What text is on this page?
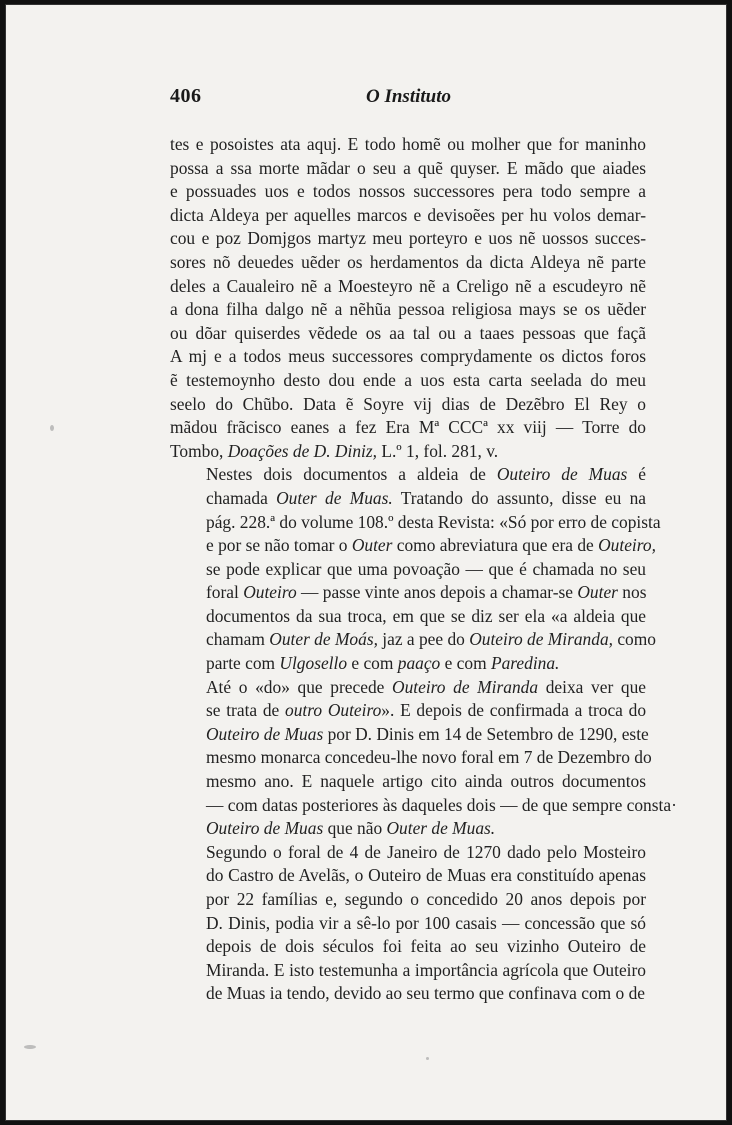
406	O Instituto

tes e posoistes ata aquj. E todo homẽ ou molher que for maninho
possa a ssa morte mãdar o seu a quẽ quyser. E mãdo que aiades
e possuades uos e todos nossos successores pera todo sempre a
dicta Aldeya per aquelles marcos e devisoẽes per hu volos demar-
cou e poz Domjgos martyz meu porteyro e uos nẽ uossos succes-
sores nõ deuedes uẽder os herdamentos da dicta Aldeya nẽ parte
deles a Caualeiro nẽ a Moesteyro nẽ a Creligo nẽ a escudeyro nẽ
a dona filha dalgo nẽ a nẽhũa pessoa religiosa mays se os uẽder
ou dõar quiserdes vẽdede os aa tal ou a taaes pessoas que façã
A mj e a todos meus successores comprydamente os dictos foros
ẽ testemoynho desto dou ende a uos esta carta seelada do meu
seelo do Chũbo. Data ẽ Soyre vij dias de Dezẽbro El Rey o
mãdou frãcisco eanes a fez Era Mª CCCª xx viij — Torre do
Tombo, Doações de D. Diniz, L.º 1, fol. 281, v.

Nestes dois documentos a aldeia de Outeiro de Muas é
chamada Outer de Muas. Tratando do assunto, disse eu na
pág. 228.ª do volume 108.º desta Revista: «Só por erro de copista
e por se não tomar o Outer como abreviatura que era de Outeiro,
se pode explicar que uma povoação — que é chamada no seu
foral Outeiro — passe vinte anos depois a chamar-se Outer nos
documentos da sua troca, em que se diz ser ela «a aldeia que
chamam Outer de Moás, jaz a pee do Outeiro de Miranda, como
parte com Ulgosello e com paaço e com Paredina.

Até o «do» que precede Outeiro de Miranda deixa ver que
se trata de outro Outeiro». E depois de confirmada a troca do
Outeiro de Muas por D. Dinis em 14 de Setembro de 1290, este
mesmo monarca concedeu-lhe novo foral em 7 de Dezembro do
mesmo ano. E naquele artigo cito ainda outros documentos
— com datas posteriores às daqueles dois — de que sempre consta·
Outeiro de Muas que não Outer de Muas.

Segundo o foral de 4 de Janeiro de 1270 dado pelo Mosteiro
do Castro de Avelãs, o Outeiro de Muas era constituído apenas
por 22 famílias e, segundo o concedido 20 anos depois por
D. Dinis, podia vir a sê-lo por 100 casais — concessão que só
depois de dois séculos foi feita ao seu vizinho Outeiro de
Miranda. E isto testemunha a importância agrícola que Outeiro
de Muas ia tendo, devido ao seu termo que confinava com o de
